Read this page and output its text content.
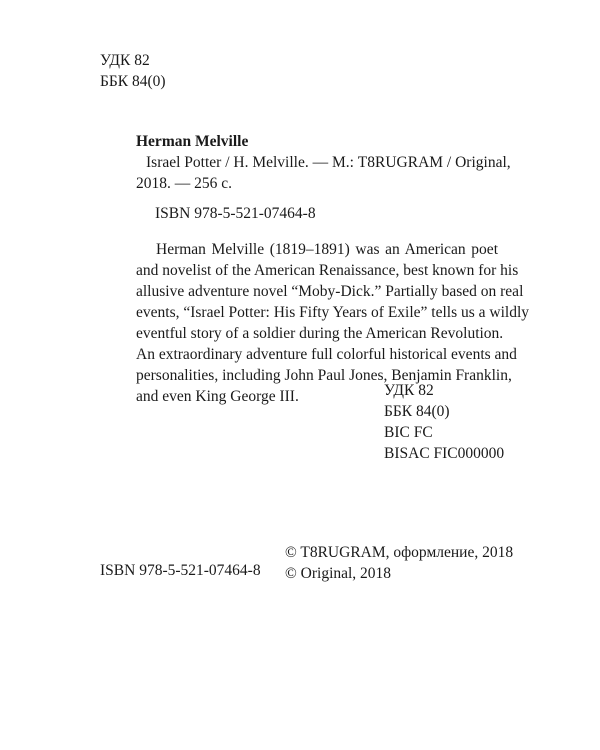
УДК 82
ББК 84(0)
Herman Melville
Israel Potter / H. Melville. — М.: T8RUGRAM / Original,
2018. — 256 с.
ISBN 978-5-521-07464-8
Herman Melville (1819–1891) was an American poet
and novelist of the American Renaissance, best known for his
allusive adventure novel “Moby-Dick.” Partially based on real
events, “Israel Potter: His Fifty Years of Exile” tells us a wildly
eventful story of a soldier during the American Revolution.
An extraordinary adventure full colorful historical events and
personalities, including John Paul Jones, Benjamin Franklin,
and even King George III.	УДК 82
ББК 84(0)
BIC FC
BISAC FIC000000
© T8RUGRAM, оформление, 2018
© Original, 2018
ISBN 978-5-521-07464-8
